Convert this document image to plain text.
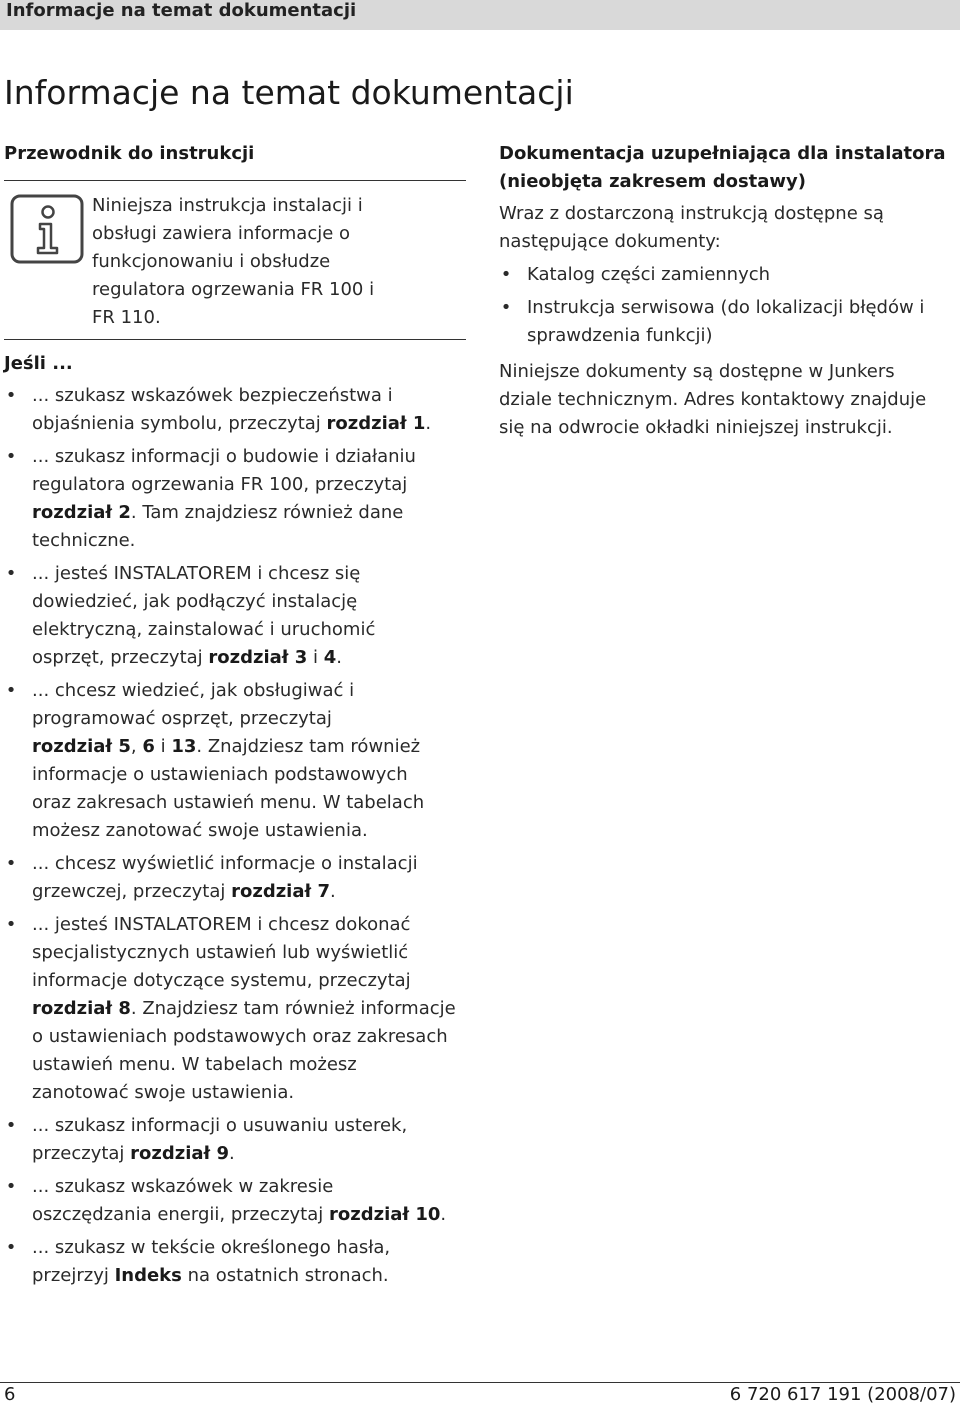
Informacje na temat dokumentacji
Informacje na temat dokumentacji

Przewodnik do instrukcji

Niniejsza instrukcja instalacji i
obsługi zawiera informacje o
funkcjonowaniu i obsłudze
regulatora ogrzewania FR 100 i
FR 110.

Jeśli ...

• ... szukasz wskazówek bezpieczeństwa i
objaśnienia symbolu, przeczytaj rozdział 1.
• ... szukasz informacji o budowie i działaniu
regulatora ogrzewania FR 100, przeczytaj
rozdział 2. Tam znajdziesz również dane
techniczne.
• ... jesteś INSTALATOREM i chcesz się
dowiedzieć, jak podłączyć instalację
elektryczną, zainstalować i uruchomić
osprzęt, przeczytaj rozdział 3 i 4.
• ... chcesz wiedzieć, jak obsługiwać i
programować osprzęt, przeczytaj
rozdział 5, 6 i 13. Znajdziesz tam również
informacje o ustawieniach podstawowych
oraz zakresach ustawień menu. W tabelach
możesz zanotować swoje ustawienia.
• ... chcesz wyświetlić informacje o instalacji
grzewczej, przeczytaj rozdział 7.
• ... jesteś INSTALATOREM i chcesz dokonać
specjalistycznych ustawień lub wyświetlić
informacje dotyczące systemu, przeczytaj
rozdział 8. Znajdziesz tam również informacje
o ustawieniach podstawowych oraz zakresach
ustawień menu. W tabelach możesz
zanotować swoje ustawienia.
• ... szukasz informacji o usuwaniu usterek,
przeczytaj rozdział 9.
• ... szukasz wskazówek w zakresie
oszczędzania energii, przeczytaj rozdział 10.
• ... szukasz w tekście określonego hasła,
przejrzyj Indeks na ostatnich stronach.

Dokumentacja uzupełniająca dla instalatora
(nieobjęta zakresem dostawy)

Wraz z dostarczoną instrukcją dostępne są
następujące dokumenty:

• Katalog części zamiennych
• Instrukcja serwisowa (do lokalizacji błędów i
sprawdzenia funkcji)

Niniejsze dokumenty są dostępne w Junkers
dziale technicznym. Adres kontaktowy znajduje
się na odwrocie okładki niniejszej instrukcji.

6	6 720 617 191 (2008/07)
